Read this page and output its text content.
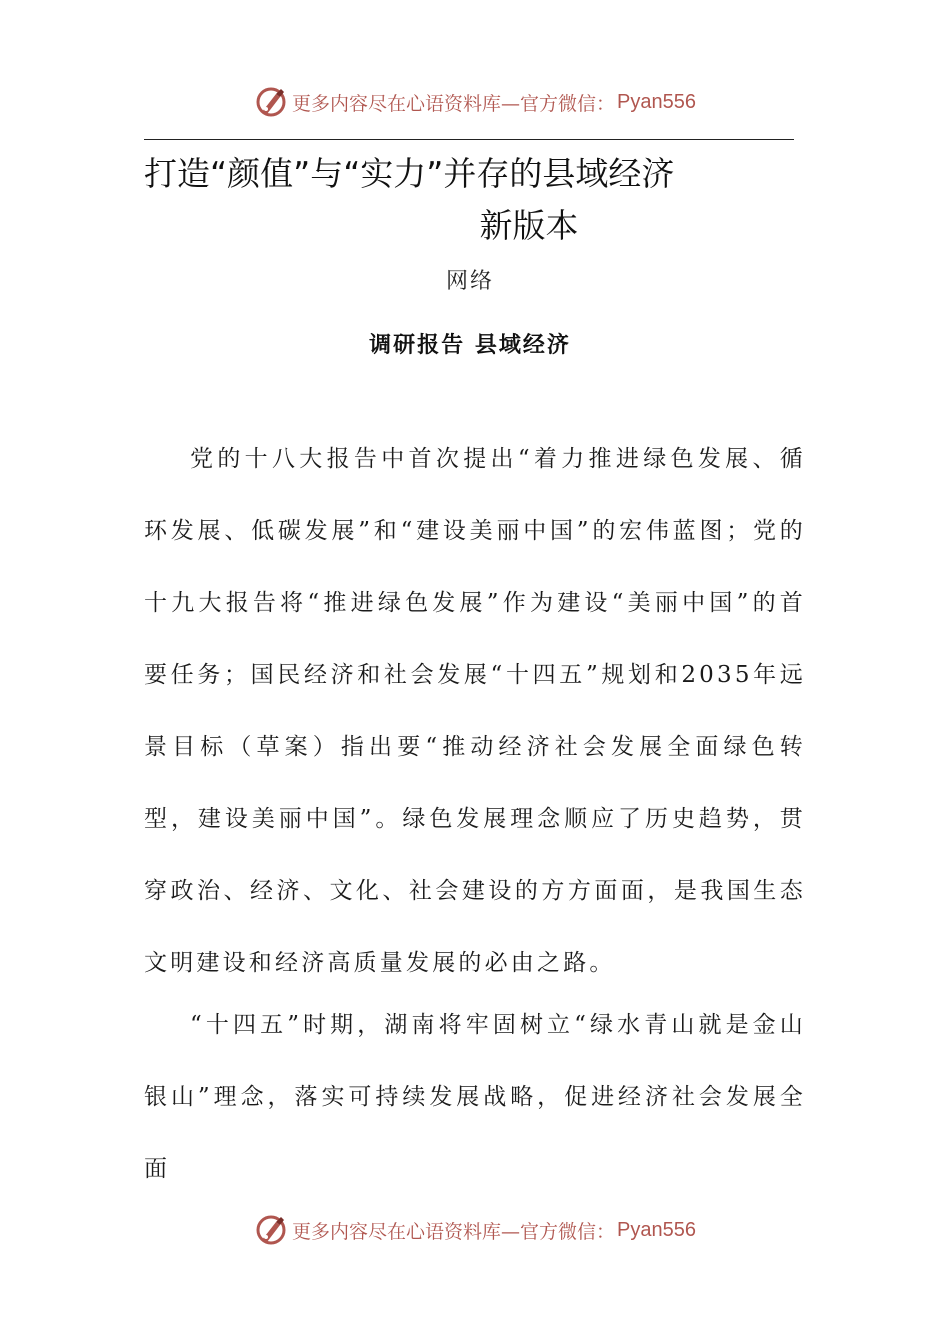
更多内容尽在心语资料库—官方微信： Pyan556
打造“颜值”与“实力”并存的县域经济
新版本
网络
调研报告 县域经济

党的十八大报告中首次提出“着力推进绿色发展、循环发展、低碳发展”和“建设美丽中国”的宏伟蓝图；党的十九大报告将“推进绿色发展”作为建设“美丽中国”的首要任务；国民经济和社会发展“十四五”规划和2035年远景目标（草案）指出要“推动经济社会发展全面绿色转型，建设美丽中国”。绿色发展理念顺应了历史趋势，贯穿政治、经济、文化、社会建设的方方面面，是我国生态文明建设和经济高质量发展的必由之路。

“十四五”时期，湖南将牢固树立“绿水青山就是金山银山”理念，落实可持续发展战略，促进经济社会发展全面

更多内容尽在心语资料库—官方微信： Pyan556
